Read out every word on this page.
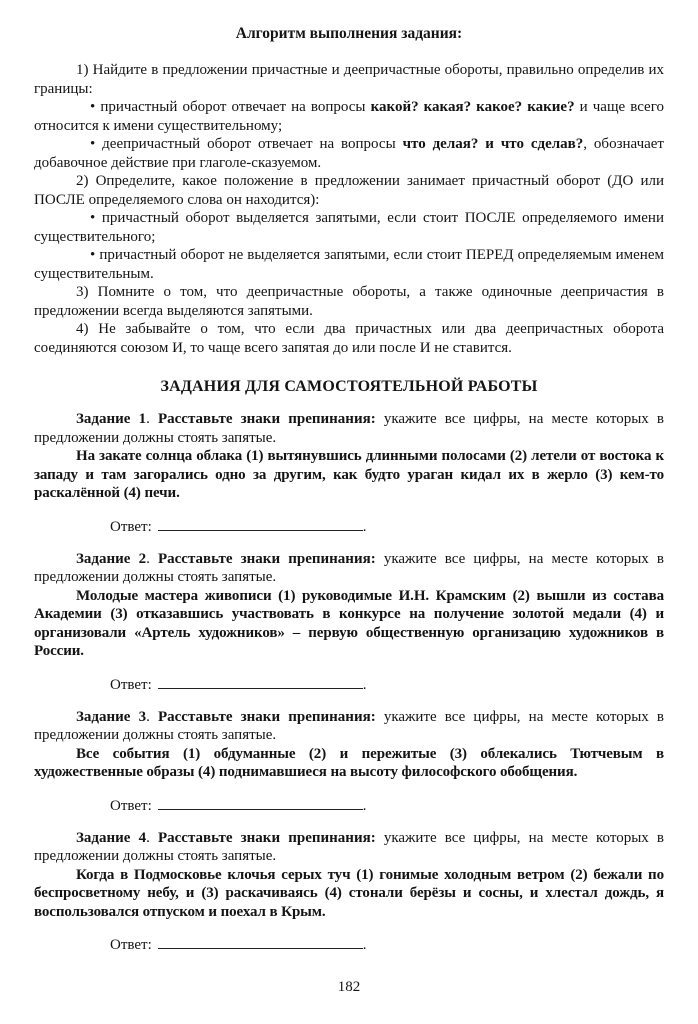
Алгоритм выполнения задания:

1) Найдите в предложении причастные и деепричастные обороты, правильно определив их границы:

• причастный оборот отвечает на вопросы какой? какая? какое? какие? и чаще всего относится к имени существительному;

• деепричастный оборот отвечает на вопросы что делая? и что сделав?, обозначает добавочное действие при глаголе-сказуемом.

2) Определите, какое положение в предложении занимает причастный оборот (ДО или ПОСЛЕ определяемого слова он находится):

• причастный оборот выделяется запятыми, если стоит ПОСЛЕ определяемого имени существительного;

• причастный оборот не выделяется запятыми, если стоит ПЕРЕД определяемым именем существительным.

3) Помните о том, что деепричастные обороты, а также одиночные деепричастия в предложении всегда выделяются запятыми.

4) Не забывайте о том, что если два причастных или два деепричастных оборота соединяются союзом И, то чаще всего запятая до или после И не ставится.

ЗАДАНИЯ ДЛЯ САМОСТОЯТЕЛЬНОЙ РАБОТЫ

Задание 1. Расставьте знаки препинания: укажите все цифры, на месте которых в предложении должны стоять запятые.

На закате солнца облака (1) вытянувшись длинными полосами (2) летели от востока к западу и там загорались одно за другим, как будто ураган кидал их в жерло (3) кем-то раскалённой (4) печи.

Ответ:	.

Задание 2. Расставьте знаки препинания: укажите все цифры, на месте которых в предложении должны стоять запятые.

Молодые мастера живописи (1) руководимые И.Н. Крамским (2) вышли из состава Академии (3) отказавшись участвовать в конкурсе на получение золотой медали (4) и организовали «Артель художников» – первую общественную организацию художников в России.

Ответ:	.

Задание 3. Расставьте знаки препинания: укажите все цифры, на месте которых в предложении должны стоять запятые.

Все события (1) обдуманные (2) и пережитые (3) облекались Тютчевым в художественные образы (4) поднимавшиеся на высоту философского обобщения.

Ответ:	.

Задание 4. Расставьте знаки препинания: укажите все цифры, на месте которых в предложении должны стоять запятые.

Когда в Подмосковье клочья серых туч (1) гонимые холодным ветром (2) бежали по беспросветному небу, и (3) раскачиваясь (4) стонали берёзы и сосны, и хлестал дождь, я воспользовался отпуском и поехал в Крым.

Ответ:	.

182
